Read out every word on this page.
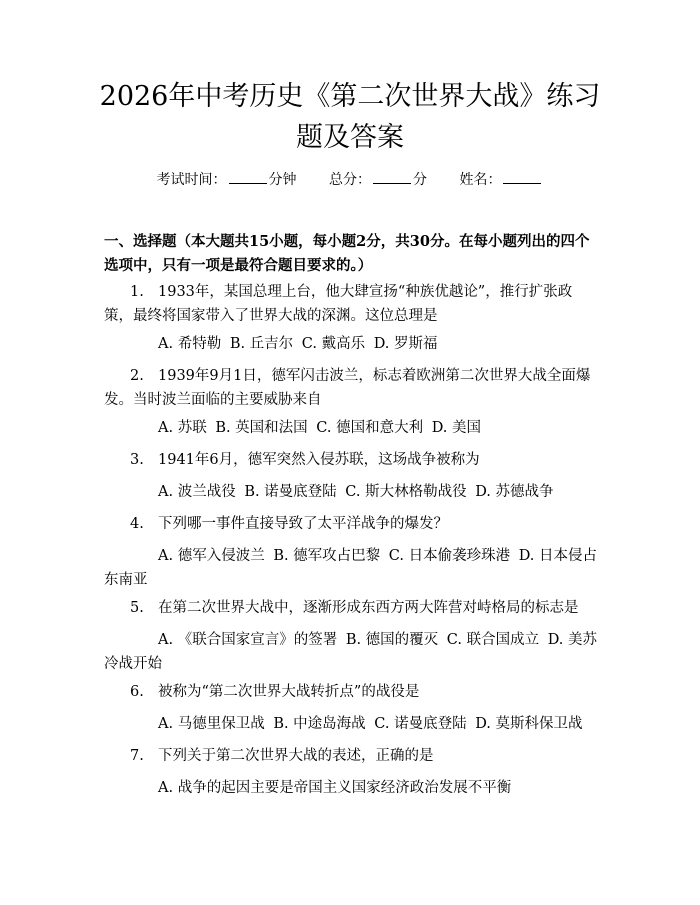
2026年中考历史《第二次世界大战》练习题及答案
考试时间：	分钟 总分：	分 姓名：

一、选择题（本大题共15小题，每小题2分，共30分。在每小题列出的四个选项中，只有一项是最符合题目要求的。）

1. 1933年，某国总理上台，他大肆宣扬“种族优越论”，推行扩张政策，最终将国家带入了世界大战的深渊。这位总理是

A. 希特勒 B. 丘吉尔 C. 戴高乐 D. 罗斯福

2. 1939年9月1日，德军闪击波兰，标志着欧洲第二次世界大战全面爆发。当时波兰面临的主要威胁来自

A. 苏联 B. 英国和法国 C. 德国和意大利 D. 美国

3. 1941年6月，德军突然入侵苏联，这场战争被称为

A. 波兰战役 B. 诺曼底登陆 C. 斯大林格勒战役 D. 苏德战争

4. 下列哪一事件直接导致了太平洋战争的爆发？

A. 德军入侵波兰 B. 德军攻占巴黎 C. 日本偷袭珍珠港 D. 日本侵占东南亚

5. 在第二次世界大战中，逐渐形成东西方两大阵营对峙格局的标志是

A. 《联合国家宣言》的签署 B. 德国的覆灭 C. 联合国成立 D. 美苏冷战开始

6. 被称为“第二次世界大战转折点”的战役是

A. 马德里保卫战 B. 中途岛海战 C. 诺曼底登陆 D. 莫斯科保卫战

7. 下列关于第二次世界大战的表述，正确的是

A. 战争的起因主要是帝国主义国家经济政治发展不平衡
